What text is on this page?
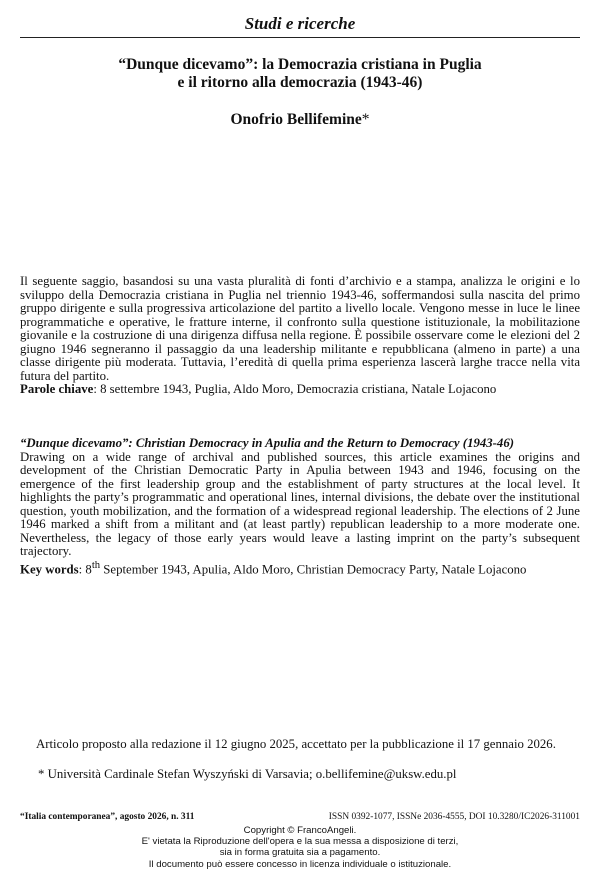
Studi e ricerche
“Dunque dicevamo”: la Democrazia cristiana in Puglia
e il ritorno alla democrazia (1943-46)
Onofrio Bellifemine*

Il seguente saggio, basandosi su una vasta pluralità di fonti d’archivio e a stampa, analizza le origini e lo sviluppo della Democrazia cristiana in Puglia nel triennio 1943-46, soffermandosi sulla nascita del primo gruppo dirigente e sulla progressiva articolazione del partito a livello locale. Vengono messe in luce le linee programmatiche e operative, le fratture interne, il confronto sulla questione istituzionale, la mobilitazione giovanile e la costruzione di una dirigenza diffusa nella regione. È possibile osservare come le elezioni del 2 giugno 1946 segneranno il passaggio da una leadership militante e repubblicana (almeno in parte) a una classe dirigente più moderata. Tuttavia, l’eredità di quella prima esperienza lascerà larghe tracce nella vita futura del partito.

Parole chiave: 8 settembre 1943, Puglia, Aldo Moro, Democrazia cristiana, Natale Lojacono

“Dunque dicevamo”: Christian Democracy in Apulia and the Return to Democracy (1943-46)

Drawing on a wide range of archival and published sources, this article examines the origins and development of the Christian Democratic Party in Apulia between 1943 and 1946, focusing on the emergence of the first leadership group and the establishment of party structures at the local level. It highlights the party’s programmatic and operational lines, internal divisions, the debate over the institutional question, youth mobilization, and the formation of a widespread regional leadership. The elections of 2 June 1946 marked a shift from a militant and (at least partly) republican leadership to a more moderate one. Nevertheless, the legacy of those early years would leave a lasting imprint on the party’s subsequent trajectory.

Key words: 8th September 1943, Apulia, Aldo Moro, Christian Democracy Party, Natale Lojacono

Articolo proposto alla redazione il 12 giugno 2025, accettato per la pubblicazione il 17 gennaio 2026.
* Università Cardinale Stefan Wyszyński di Varsavia; o.bellifemine@uksw.edu.pl
“Italia contemporanea”, agosto 2026, n. 311	ISSN 0392-1077, ISSNe 2036-4555, DOI 10.3280/IC2026-311001
Copyright © FrancoAngeli.
E' vietata la Riproduzione dell'opera e la sua messa a disposizione di terzi,
sia in forma gratuita sia a pagamento.
Il documento può essere concesso in licenza individuale o istituzionale.
